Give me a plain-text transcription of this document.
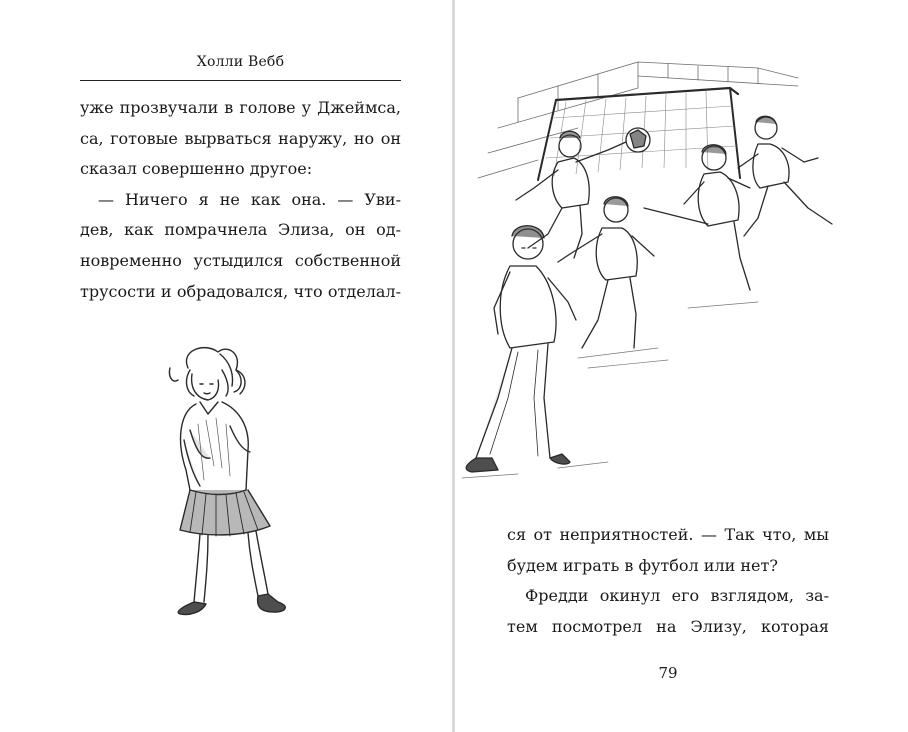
Холли Вебб
уже прозвучали в голове у Джеймса,
са, готовые вырваться наружу, но он
сказал совершенно другое:
— Ничего я не как она. — Уви-
дев, как помрачнела Элиза, он од-
новременно устыдился собственной
трусости и обрадовался, что отделал-
ся от неприятностей. — Так что, мы
будем играть в футбол или нет?
Фредди окинул его взглядом, за-
тем посмотрел на Элизу, которая
79
